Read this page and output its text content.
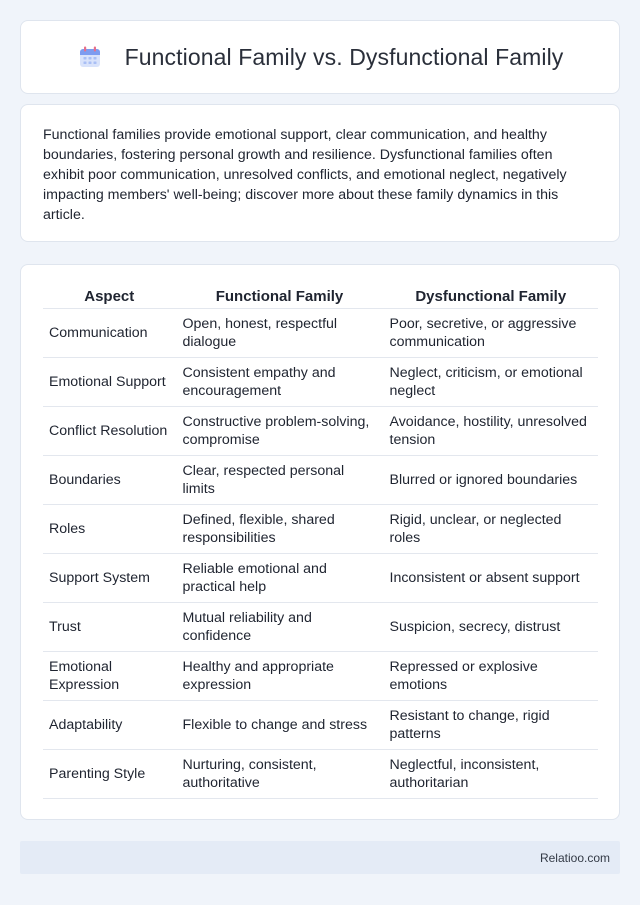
Functional Family vs. Dysfunctional Family

Functional families provide emotional support, clear communication, and healthy boundaries, fostering personal growth and resilience. Dysfunctional families often exhibit poor communication, unresolved conflicts, and emotional neglect, negatively impacting members' well-being; discover more about these family dynamics in this article.

Aspect	Functional Family	Dysfunctional Family
Communication	Open, honest, respectful dialogue	Poor, secretive, or aggressive communication
Emotional Support	Consistent empathy and encouragement	Neglect, criticism, or emotional neglect
Conflict Resolution	Constructive problem-solving, compromise	Avoidance, hostility, unresolved tension
Boundaries	Clear, respected personal limits	Blurred or ignored boundaries
Roles	Defined, flexible, shared responsibilities	Rigid, unclear, or neglected roles
Support System	Reliable emotional and practical help	Inconsistent or absent support
Trust	Mutual reliability and confidence	Suspicion, secrecy, distrust
Emotional Expression	Healthy and appropriate expression	Repressed or explosive emotions
Adaptability	Flexible to change and stress	Resistant to change, rigid patterns
Parenting Style	Nurturing, consistent, authoritative	Neglectful, inconsistent, authoritarian
Relatioo.com
